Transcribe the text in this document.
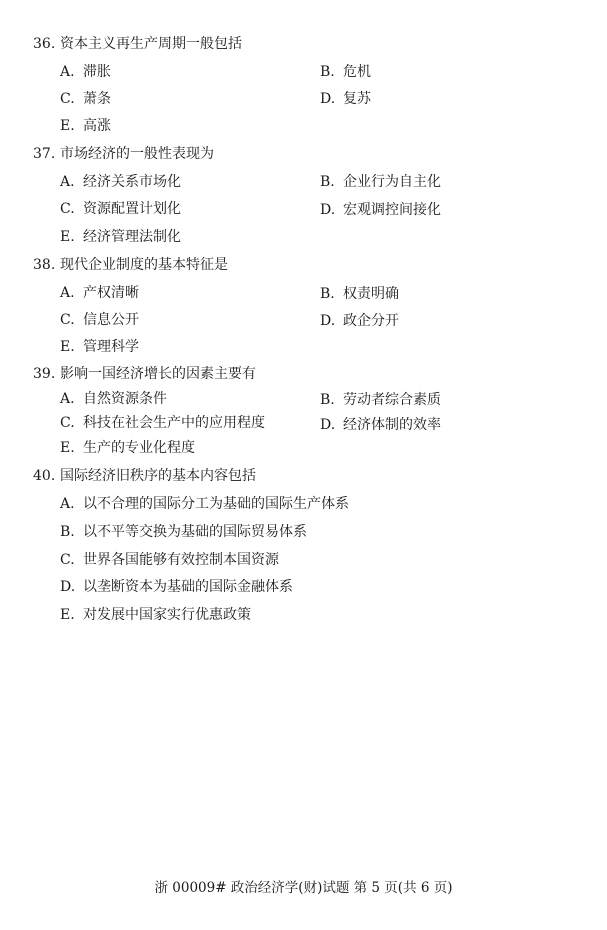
36. 资本主义再生产周期一般包括
A. 滞胀	B. 危机
C. 萧条	D. 复苏
E. 高涨
37. 市场经济的一般性表现为
A. 经济关系市场化	B. 企业行为自主化
C. 资源配置计划化	D. 宏观调控间接化
E. 经济管理法制化
38. 现代企业制度的基本特征是
A. 产权清晰	B. 权责明确
C. 信息公开	D. 政企分开
E. 管理科学
39. 影响一国经济增长的因素主要有
A. 自然资源条件	B. 劳动者综合素质
C. 科技在社会生产中的应用程度	D. 经济体制的效率
E. 生产的专业化程度
40. 国际经济旧秩序的基本内容包括
A. 以不合理的国际分工为基础的国际生产体系
B. 以不平等交换为基础的国际贸易体系
C. 世界各国能够有效控制本国资源
D. 以垄断资本为基础的国际金融体系
E. 对发展中国家实行优惠政策
浙 00009# 政治经济学(财)试题 第 5 页(共 6 页)
